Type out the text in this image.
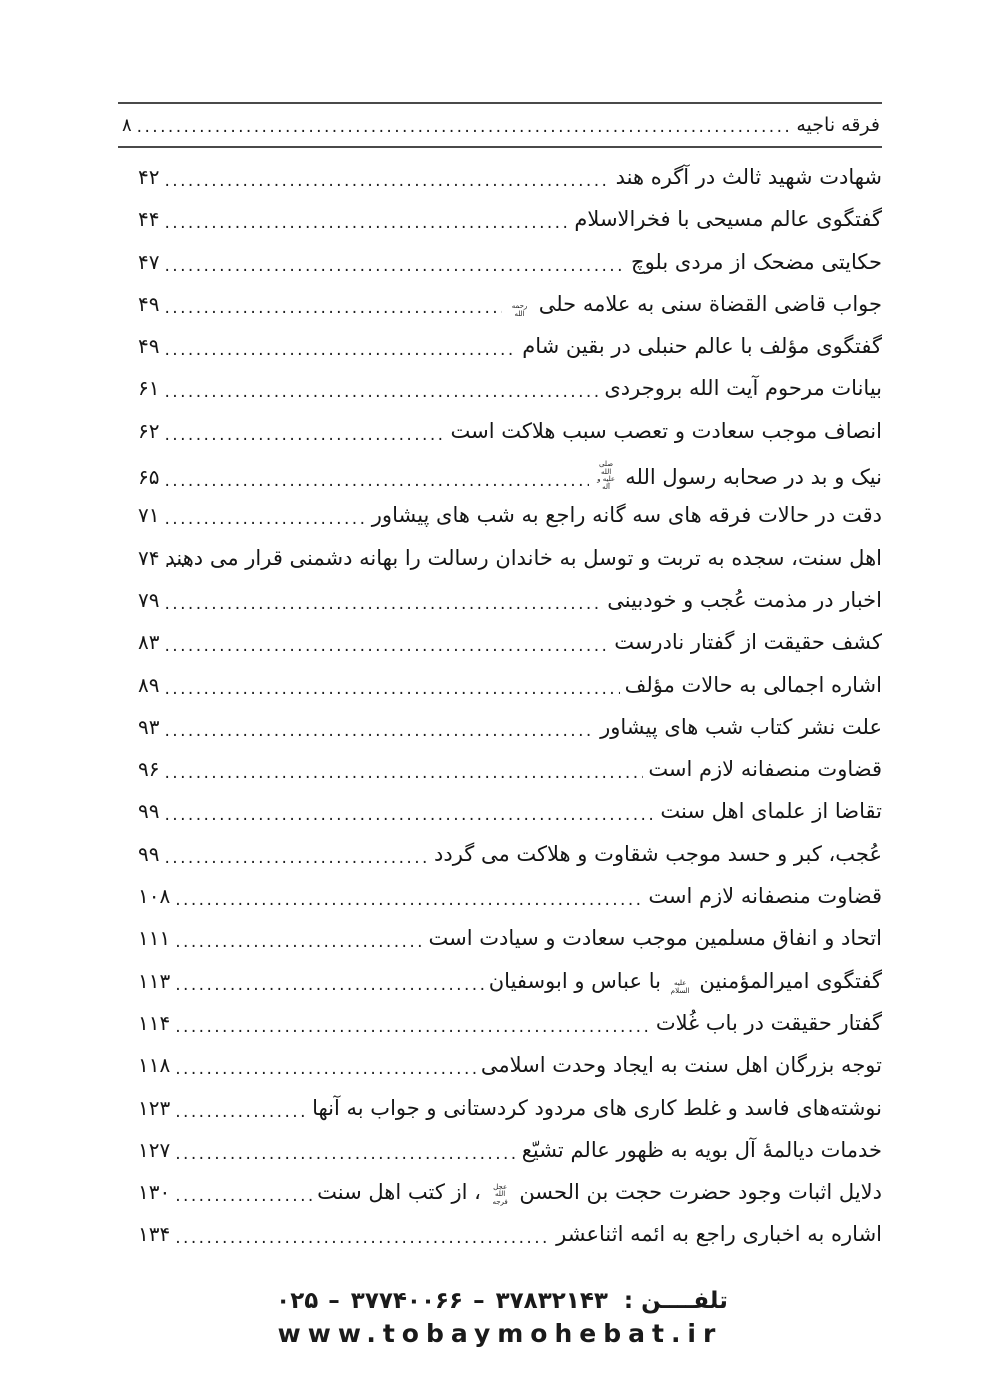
فرقه ناجیه
.....
۸
شهادت شهید ثالث در آگره هند
.....
۴۲
گفتگوی عالم مسیحی با فخرالاسلام
.....
۴۴
حکایتی مضحک از مردی بلوچ
.....
۴۷
جواب قاضی القضاة سنی به علامه حلی رحمه الله
.....
۴۹
گفتگوی مؤلف با عالم حنبلی در بقین شام
.....
۴۹
بیانات مرحوم آیت الله بروجردی
.....
۶۱
انصاف موجب سعادت و تعصب سبب هلاکت است
.....
۶۲
نیک و بد در صحابه رسول الله صلی الله علیه و آله
.....
۶۵
دقت در حالات فرقه های سه گانه راجع به شب های پیشاور
.....
۷۱
اهل سنت، سجده به تربت و توسل به خاندان رسالت را بهانه دشمنی قرار می دهند
.....
۷۴
اخبار در مذمت عُجب و خودبینی
.....
۷۹
کشف حقیقت از گفتار نادرست
.....
۸۳
اشاره اجمالی به حالات مؤلف
.....
۸۹
علت نشر کتاب شب های پیشاور
.....
۹۳
قضاوت منصفانه لازم است
.....
۹۶
تقاضا از علمای اهل سنت
.....
۹۹
عُجب، کبر و حسد موجب شقاوت و هلاکت می گردد
.....
۹۹
قضاوت منصفانه لازم است
.....
۱۰۸
اتحاد و انفاق مسلمین موجب سعادت و سیادت است
.....
۱۱۱
گفتگوی امیرالمؤمنین علیه السلام با عباس و ابوسفیان
.....
۱۱۳
گفتار حقیقت در باب غُلات
.....
۱۱۴
توجه بزرگان اهل سنت به ایجاد وحدت اسلامی
.....
۱۱۸
نوشته‌های فاسد و غلط کاری های مردود کردستانی و جواب به آنها
.....
۱۲۳
خدمات دیالمۀ آل بویه به ظهور عالم تشیّع
.....
۱۲۷
دلایل اثبات وجود حضرت حجت بن الحسن عجل الله فرجه ، از کتب اهل سنت
.....
۱۳۰
اشاره به اخباری راجع به ائمه اثناعشر
.....
۱۳۴
تلفــــن :
۳۷۸۳۲۱۴۳
–
۳۷۷۴۰۰۶۶
–
۰۲۵
www.tobaymohebat.ir
